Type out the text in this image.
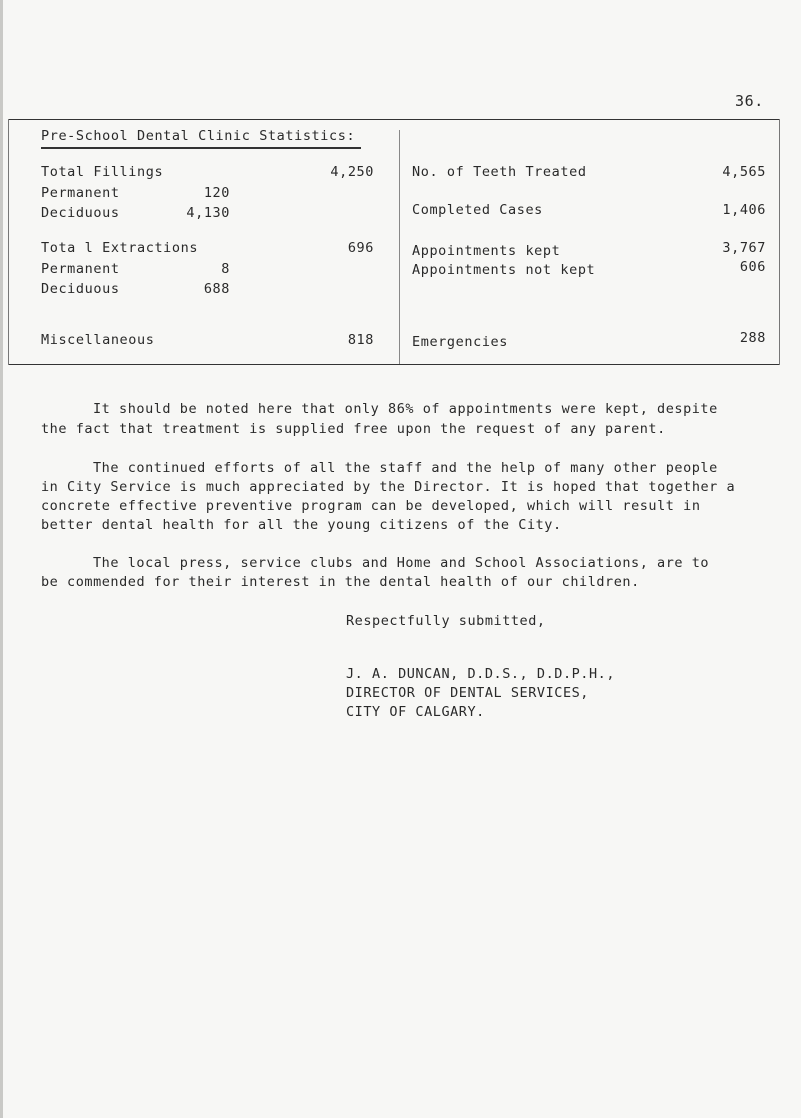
36.
Pre-School Dental Clinic Statistics:
Total Fillings	4,250
Permanent	120
Deciduous	4,130
Tota l Extractions	696
Permanent	8
Deciduous	688
Miscellaneous	818
No. of Teeth Treated	4,565
Completed Cases	1,406
Appointments kept	3,767
Appointments not kept	606
Emergencies	288
It should be noted here that only 86% of appointments were kept, despite
the fact that treatment is supplied free upon the request of any parent.
The continued efforts of all the staff and the help of many other people
in City Service is much appreciated by the Director. It is hoped that together a
concrete effective preventive program can be developed, which will result in
better dental health for all the young citizens of the City.
The local press, service clubs and Home and School Associations, are to
be commended for their interest in the dental health of our children.
Respectfully submitted,
J. A. DUNCAN, D.D.S., D.D.P.H.,
DIRECTOR OF DENTAL SERVICES,
CITY OF CALGARY.
